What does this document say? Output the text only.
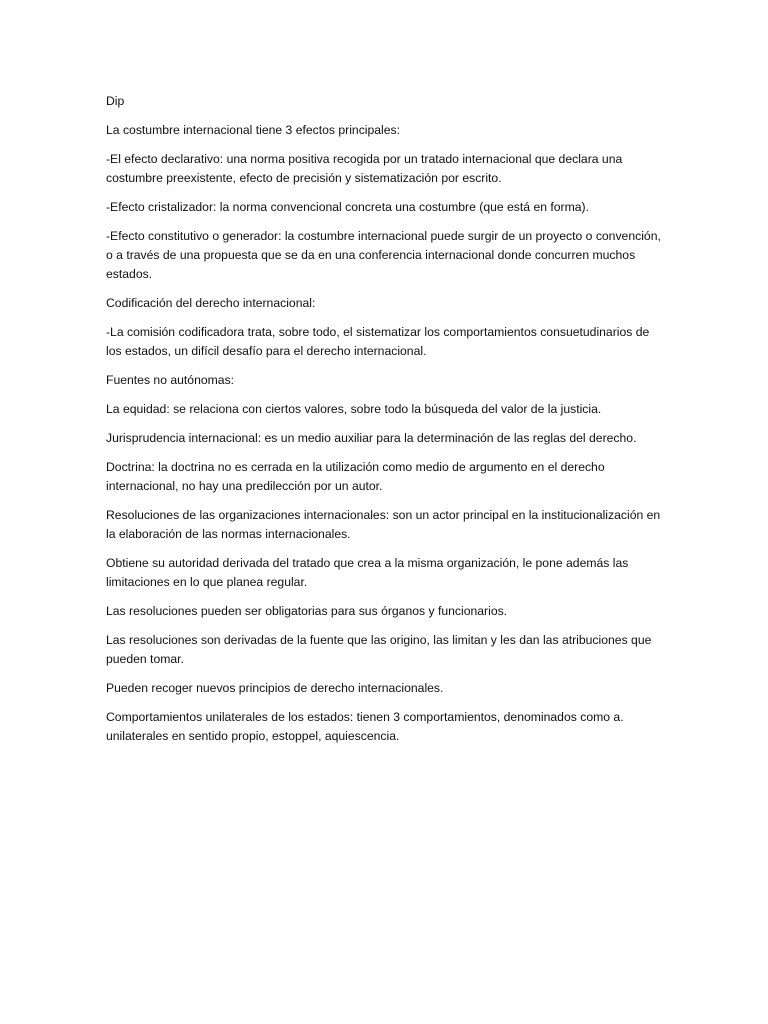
Dip

La costumbre internacional tiene 3 efectos principales:

-El efecto declarativo: una norma positiva recogida por un tratado internacional que declara una costumbre preexistente, efecto de precisión y sistematización por escrito.

-Efecto cristalizador: la norma convencional concreta una costumbre (que está en forma).

-Efecto constitutivo o generador: la costumbre internacional puede surgir de un proyecto o convención, o a través de una propuesta que se da en una conferencia internacional donde concurren muchos estados.

Codificación del derecho internacional:

-La comisión codificadora trata, sobre todo, el sistematizar los comportamientos consuetudinarios de los estados, un difícil desafío para el derecho internacional.

Fuentes no autónomas:

La equidad: se relaciona con ciertos valores, sobre todo la búsqueda del valor de la justicia.

Jurisprudencia internacional: es un medio auxiliar para la determinación de las reglas del derecho.

Doctrina: la doctrina no es cerrada en la utilización como medio de argumento en el derecho internacional, no hay una predilección por un autor.

Resoluciones de las organizaciones internacionales: son un actor principal en la institucionalización en la elaboración de las normas internacionales.

Obtiene su autoridad derivada del tratado que crea a la misma organización, le pone además las limitaciones en lo que planea regular.

Las resoluciones pueden ser obligatorias para sus órganos y funcionarios.

Las resoluciones son derivadas de la fuente que las origino, las limitan y les dan las atribuciones que pueden tomar.

Pueden recoger nuevos principios de derecho internacionales.

Comportamientos unilaterales de los estados: tienen 3 comportamientos, denominados como a. unilaterales en sentido propio, estoppel, aquiescencia.
